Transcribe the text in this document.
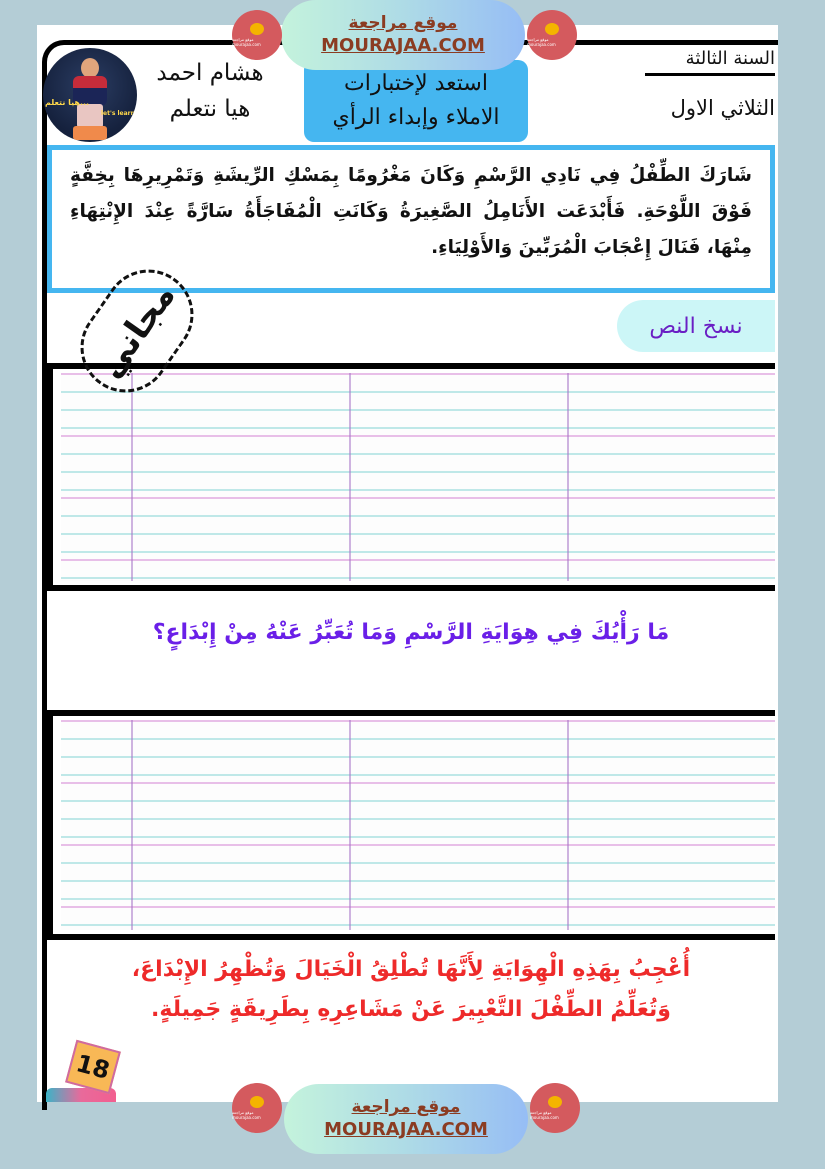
موقع مراجعة mourajaa.com
موقع مراجعة
MOURAJAA.COM	موقع مراجعة mourajaa.com
هيا نتعلم...
let's learn
هشام احمد
هيا نتعلم
استعد لإختبارات
الاملاء وإبداء الرأي
السنة الثالثة
الثلاثي الاول
شَارَكَ الطِّفْلُ فِي نَادِي الرَّسْمِ وَكَانَ مَغْرُومًا بِمَسْكِ الرِّيشَةِ وَتَمْرِيرِهَا بِخِفَّةٍ فَوْقَ اللَّوْحَةِ. فَأَبْدَعَت الأَنَامِلُ الصَّغِيرَةُ وَكَانَتِ الْمُفَاجَأَةُ سَارَّةً عِنْدَ الإِنْتِهَاءِ مِنْهَا، فَنَالَ إِعْجَابَ الْمُرَبِّينَ وَالأَوْلِيَاءِ.
مجاني	نسخ النص
مَا رَأْيُكَ فِي هِوَايَةِ الرَّسْمِ وَمَا تُعَبِّرُ عَنْهُ مِنْ إِبْدَاعٍ؟
أُعْجِبُ بِهَذِهِ الْهِوَايَةِ لِأَنَّهَا تُطْلِقُ الْخَيَالَ وَتُظْهِرُ الإِبْدَاعَ،
وَتُعَلِّمُ الطِّفْلَ التَّعْبِيرَ عَنْ مَشَاعِرِهِ بِطَرِيقَةٍ جَمِيلَةٍ.
18
موقع مراجعة mourajaa.com
موقع مراجعة
MOURAJAA.COM
موقع مراجعة mourajaa.com
